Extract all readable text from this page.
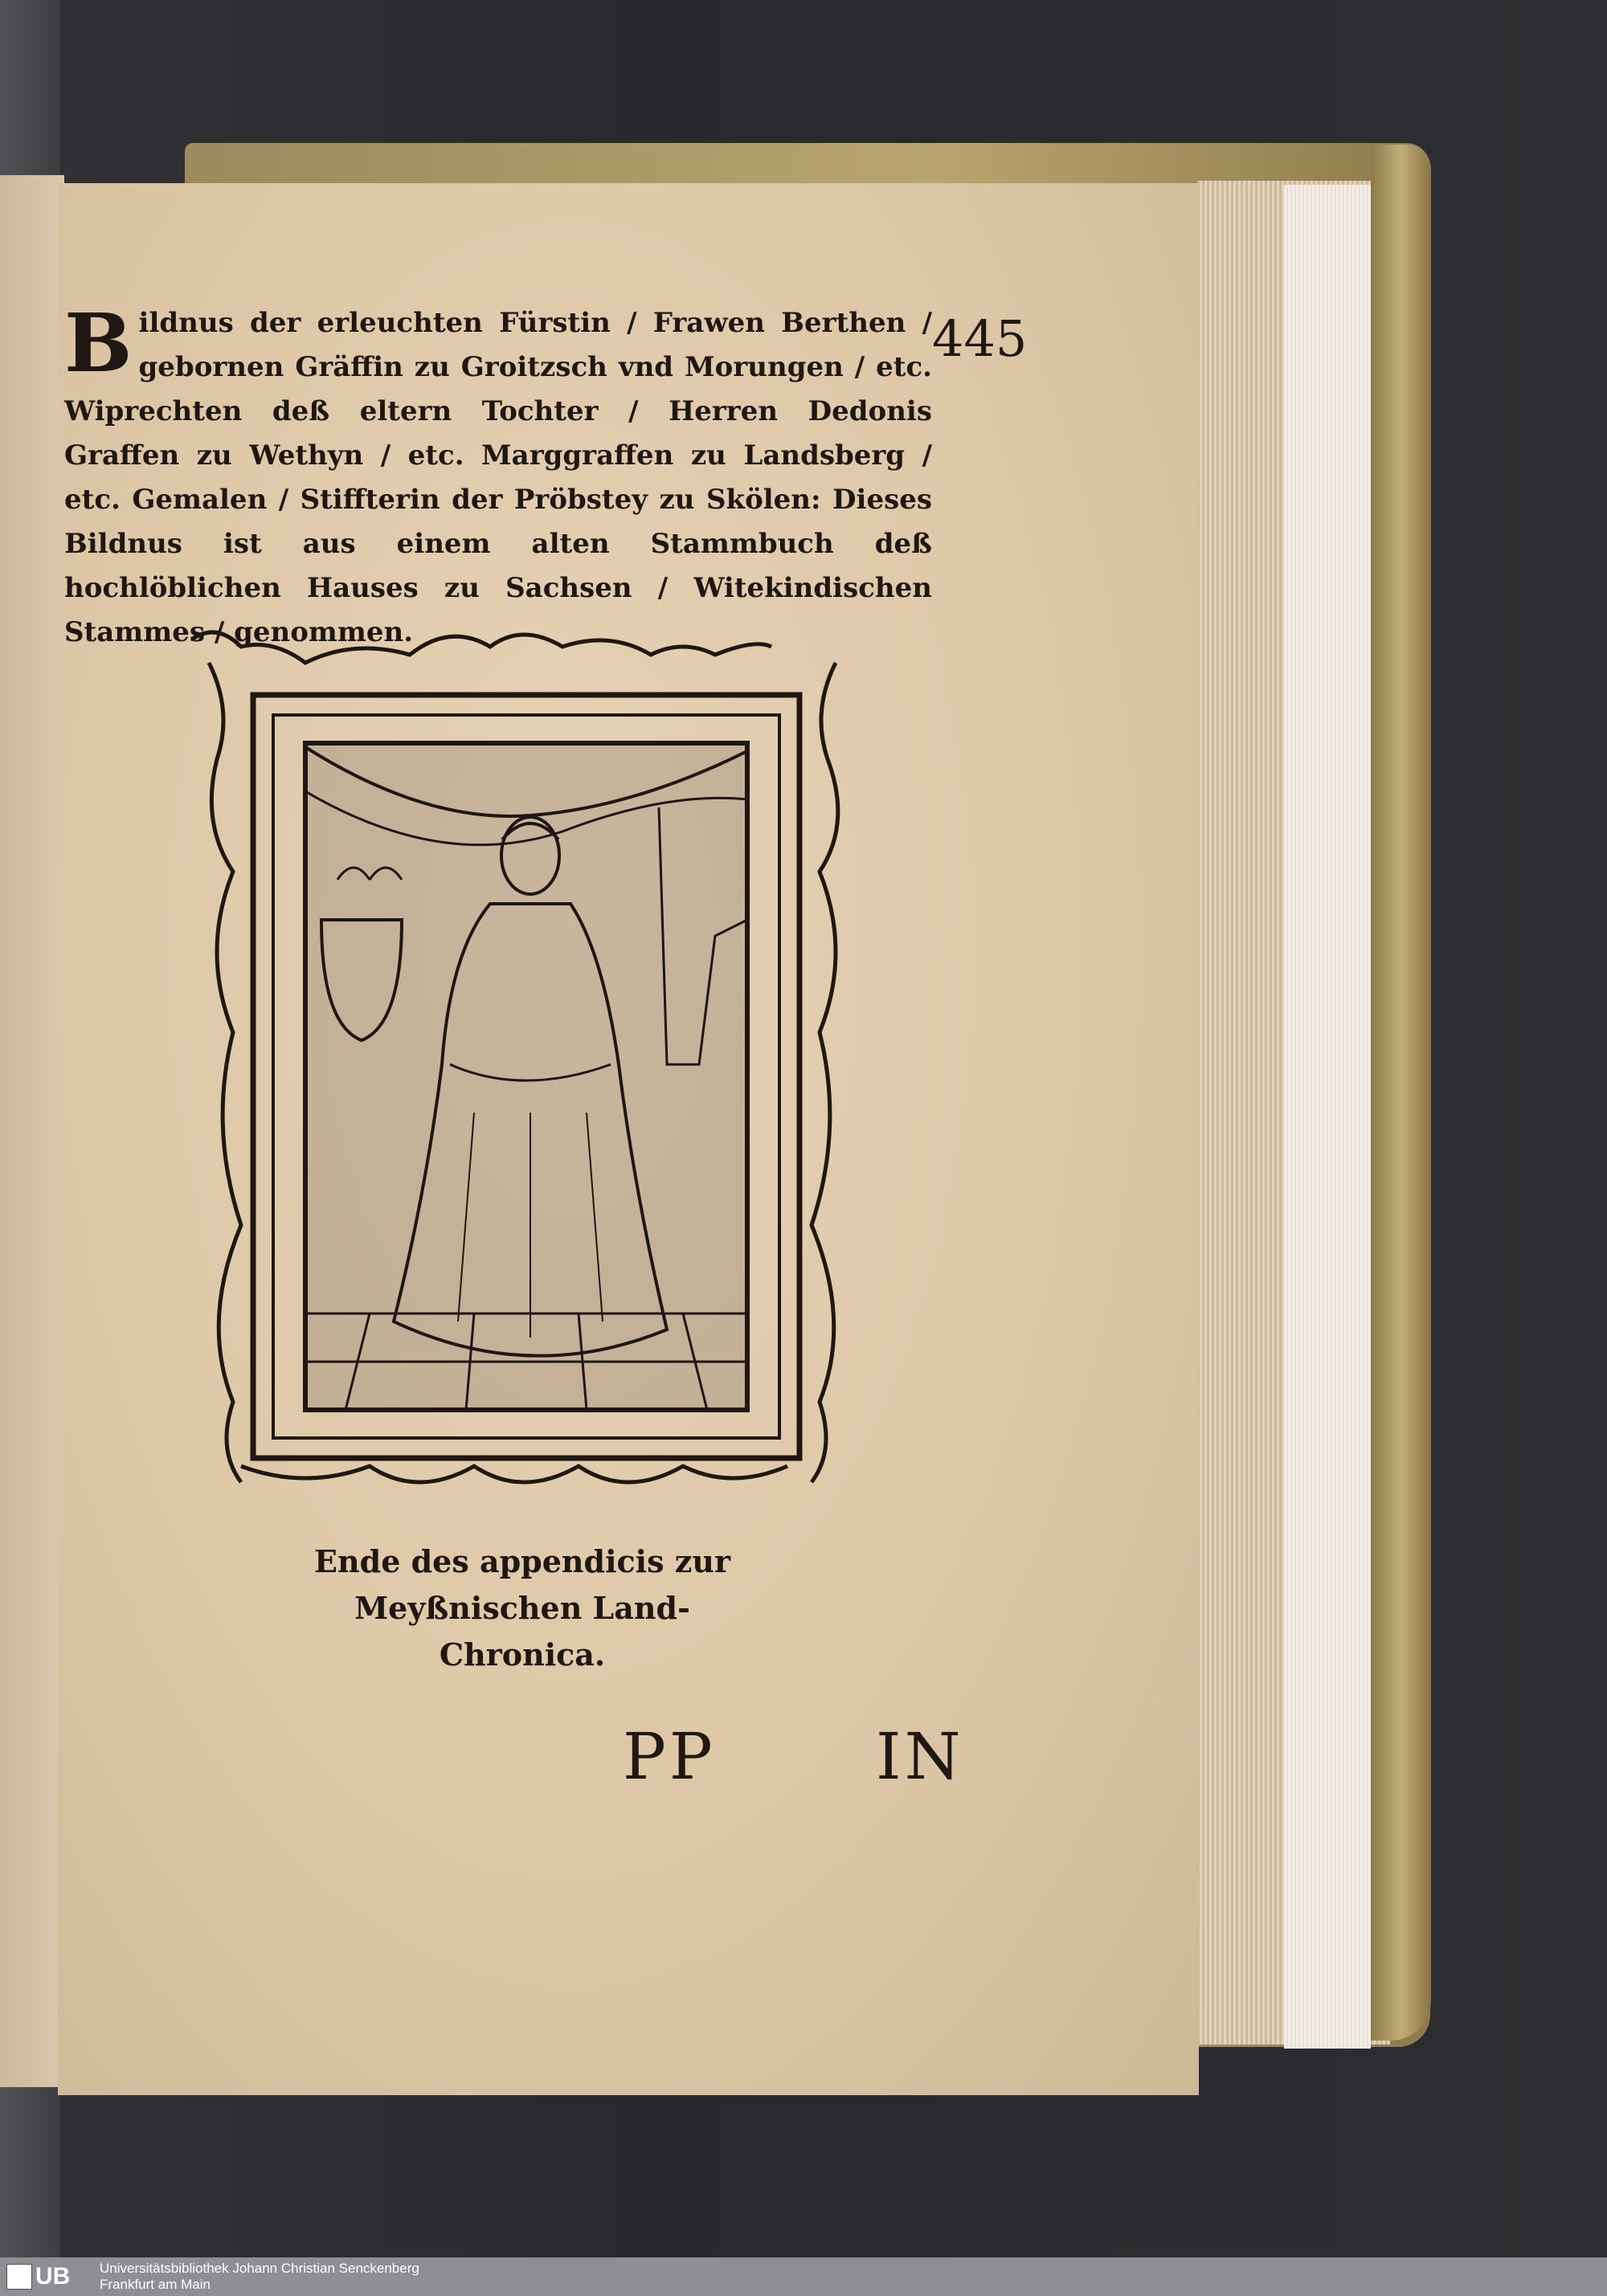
B ildnus der erleuchten Fürstin / Frawen Berthen / gebornen Gräffin zu Groitzsch vnd Morungen / etc. Wiprechten deß eltern Tochter / Herren Dedonis Graffen zu Wethyn / etc. Marggraffen zu Landsberg / etc. Gemalen / Stiffterin der Pröbstey zu Skölen: Dieses Bildnus ist aus einem alten Stammbuch deß hochlöblichen Hauses zu Sachsen / Witekindischen Stammes / genommen.
445
Ende des appendicis zur Meyßnischen Land-
Chronica.
PP IN
UB Universitätsbibliothek Johann Christian Senckenberg
Frankfurt am Main
